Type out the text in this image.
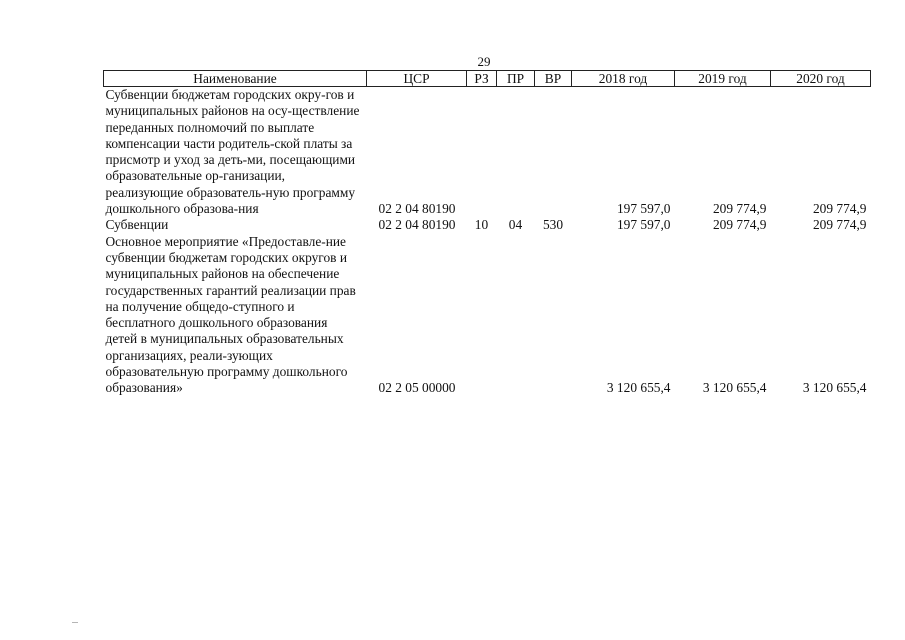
29
Наименование	ЦСР	РЗ	ПР	ВР	2018 год	2019 год	2020 год
Субвенции бюджетам городских окру-гов и муниципальных районов на осу-ществление переданных полномочий по выплате компенсации части родитель-ской платы за присмотр и уход за деть-ми, посещающими образовательные ор-ганизации, реализующие образователь-ную программу дошкольного образова-ния	02 2 04 80190				197 597,0	209 774,9	209 774,9
Субвенции	02 2 04 80190	10	04	530	197 597,0	209 774,9	209 774,9
Основное мероприятие «Предоставле-ние субвенции бюджетам городских округов и муниципальных районов на обеспечение государственных гарантий реализации прав на получение общедо-ступного и бесплатного дошкольного образования детей в муниципальных образовательных организациях, реали-зующих образовательную программу дошкольного образования»	02 2 05 00000				3 120 655,4	3 120 655,4	3 120 655,4
